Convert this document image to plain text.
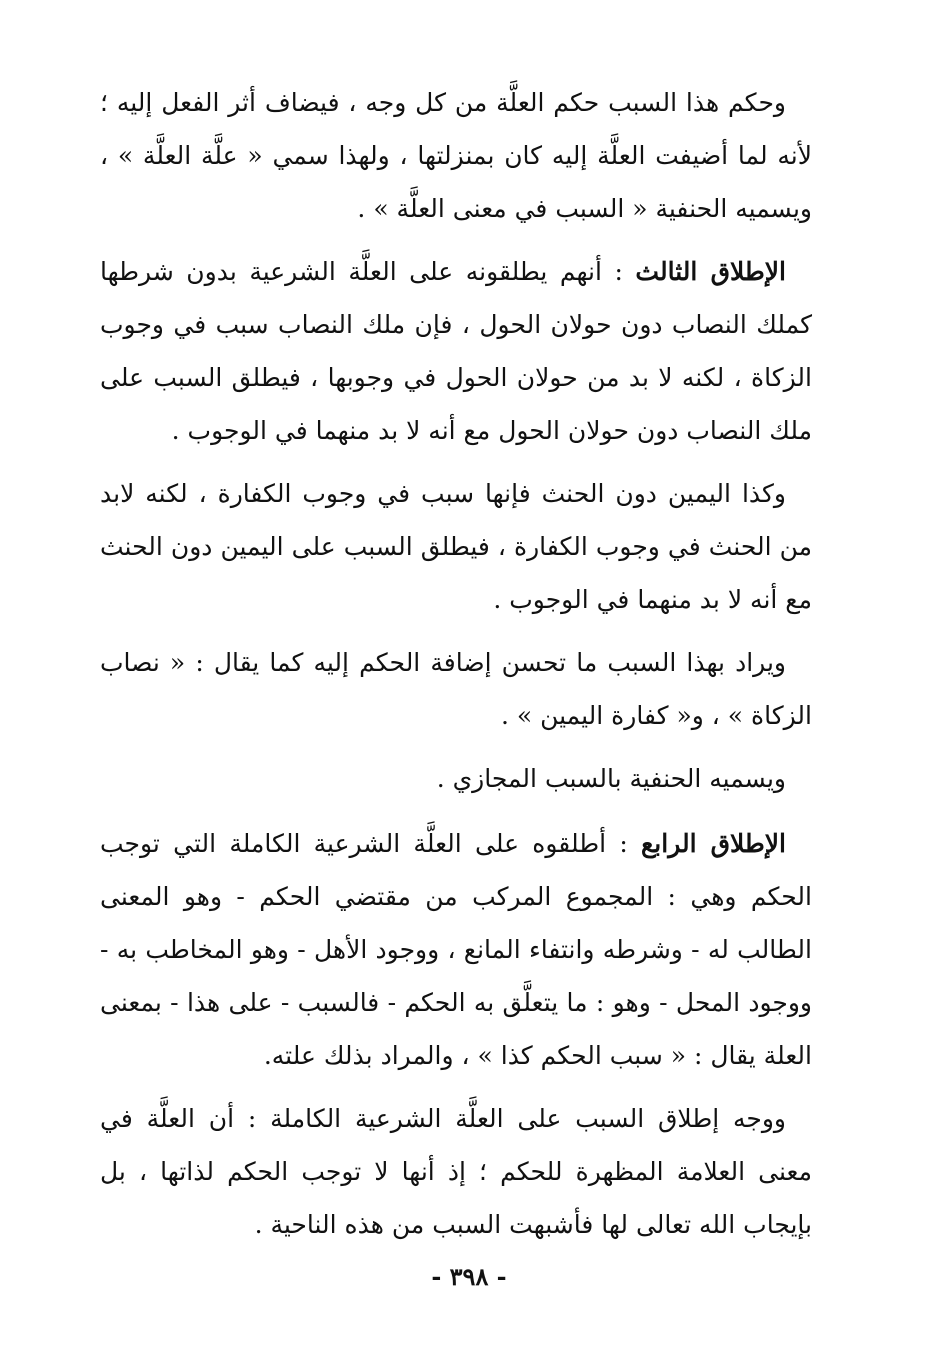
وحكم هذا السبب حكم العلَّة من كل وجه ، فيضاف أثر الفعل إليه ؛ لأنه لما أضيفت العلَّة إليه كان بمنزلتها ، ولهذا سمي « علَّة العلَّة » ، ويسميه الحنفية « السبب في معنى العلَّة » .

الإطلاق الثالث : أنهم يطلقونه على العلَّة الشرعية بدون شرطها كملك النصاب دون حولان الحول ، فإن ملك النصاب سبب في وجوب الزكاة ، لكنه لا بد من حولان الحول في وجوبها ، فيطلق السبب على ملك النصاب دون حولان الحول مع أنه لا بد منهما في الوجوب .

وكذا اليمين دون الحنث فإنها سبب في وجوب الكفارة ، لكنه لابد من الحنث في وجوب الكفارة ، فيطلق السبب على اليمين دون الحنث مع أنه لا بد منهما في الوجوب .

ويراد بهذا السبب ما تحسن إضافة الحكم إليه كما يقال : « نصاب الزكاة » ، و« كفارة اليمين » .

ويسميه الحنفية بالسبب المجازي .

الإطلاق الرابع : أطلقوه على العلَّة الشرعية الكاملة التي توجب الحكم وهي : المجموع المركب من مقتضي الحكم - وهو المعنى الطالب له - وشرطه وانتفاء المانع ، ووجود الأهل - وهو المخاطب به - ووجود المحل - وهو : ما يتعلَّق به الحكم - فالسبب - على هذا - بمعنى العلة يقال : « سبب الحكم كذا » ، والمراد بذلك علته.

ووجه إطلاق السبب على العلَّة الشرعية الكاملة : أن العلَّة في معنى العلامة المظهرة للحكم ؛ إذ أنها لا توجب الحكم لذاتها ، بل بإيجاب الله تعالى لها فأشبهت السبب من هذه الناحية .

- ٣٩٨ -
